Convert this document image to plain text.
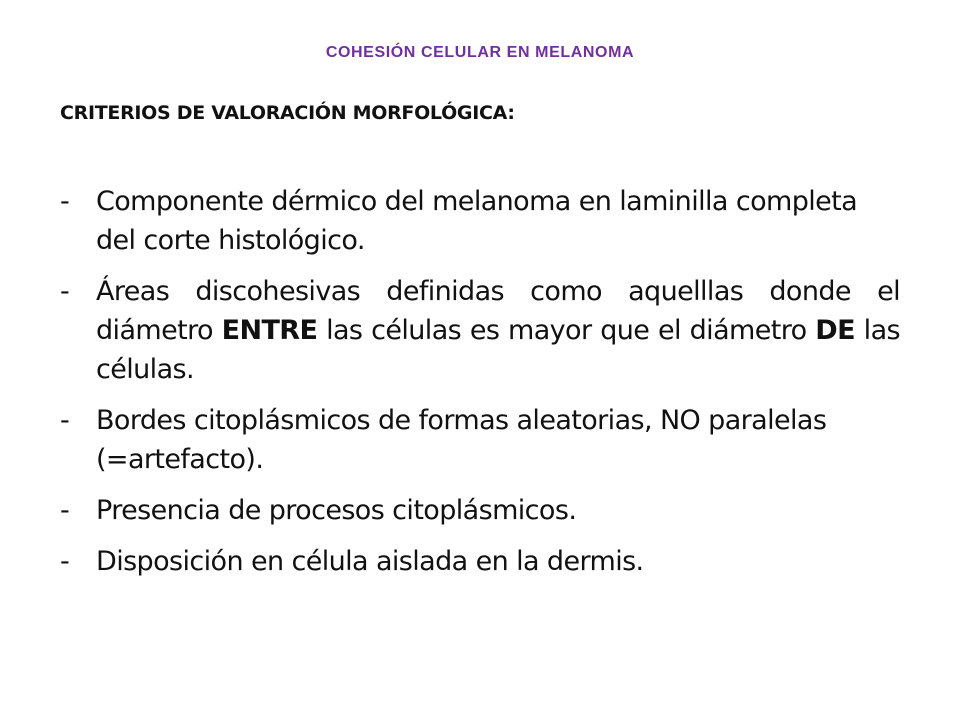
COHESIÓN CELULAR EN MELANOMA
CRITERIOS DE VALORACIÓN MORFOLÓGICA:
- Componente dérmico del melanoma en laminilla completa del corte histológico.
- Áreas discohesivas definidas como aquelllas donde el diámetro ENTRE las células es mayor que el diámetro DE las células.
- Bordes citoplásmicos de formas aleatorias, NO paralelas (=artefacto).
- Presencia de procesos citoplásmicos.
- Disposición en célula aislada en la dermis.
